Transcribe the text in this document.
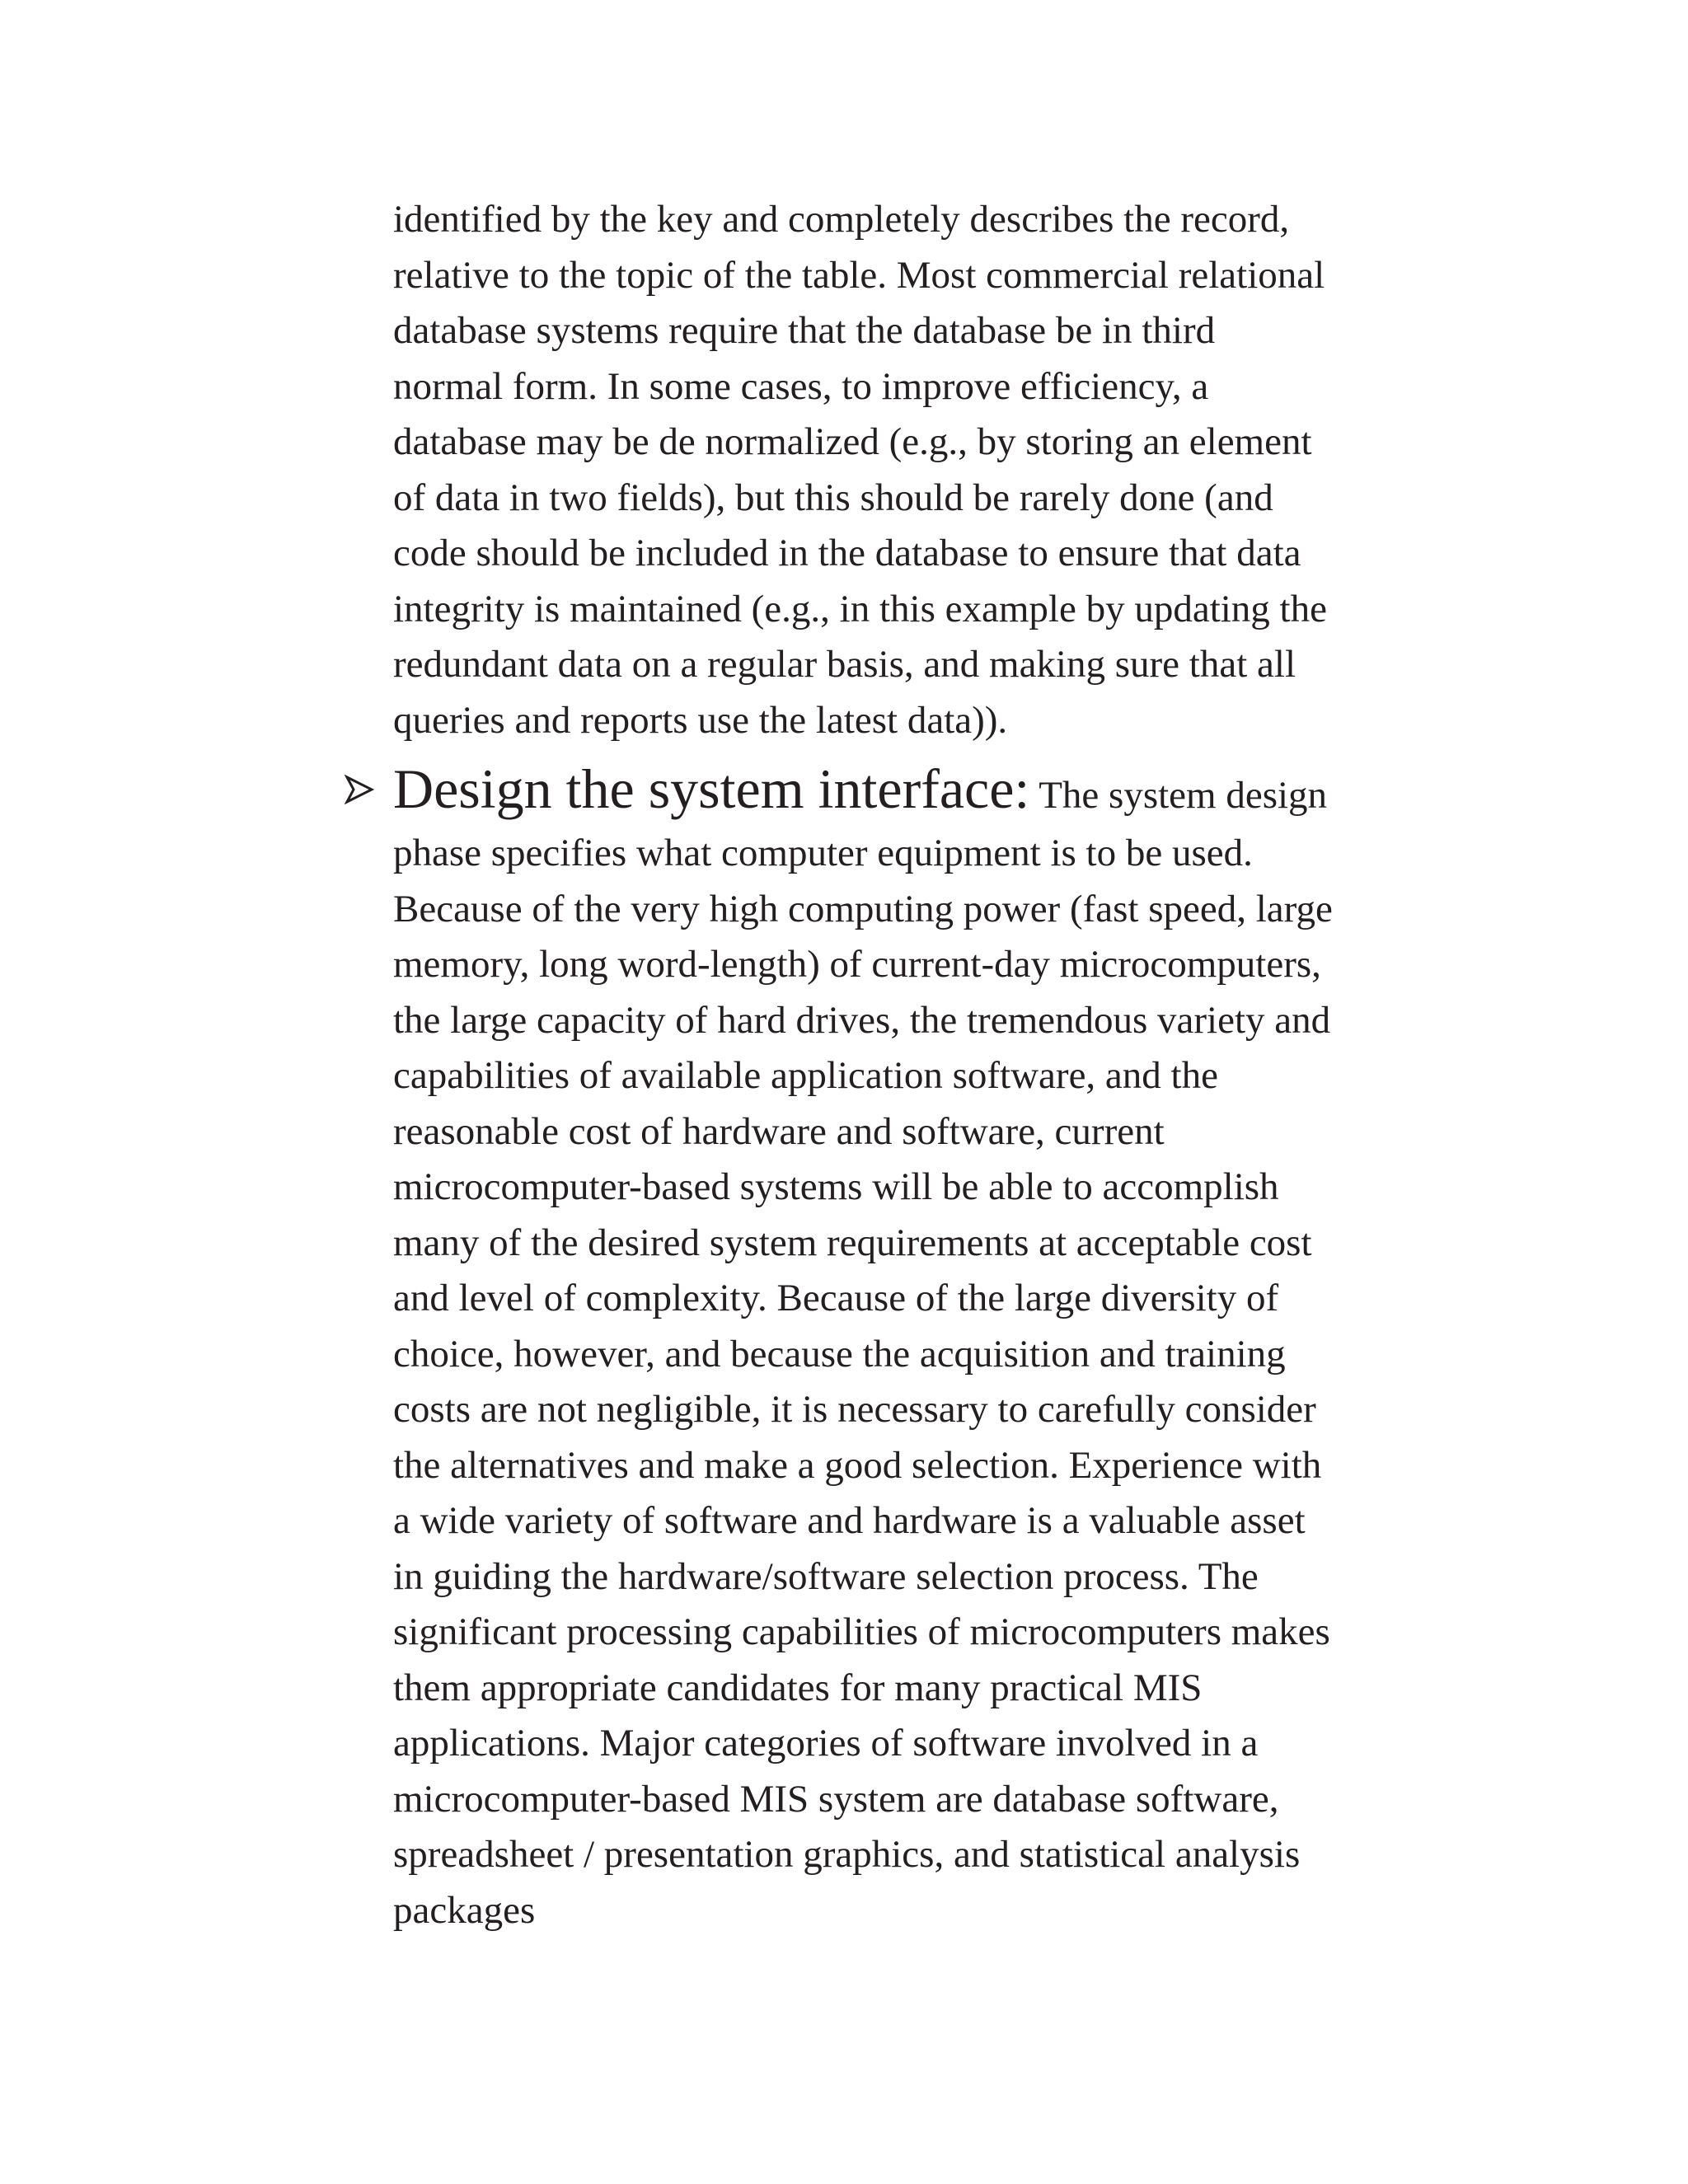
identified by the key and completely describes the record,
relative to the topic of the table. Most commercial relational
database systems require that the database be in third
normal form. In some cases, to improve efficiency, a
database may be de normalized (e.g., by storing an element
of data in two fields), but this should be rarely done (and
code should be included in the database to ensure that data
integrity is maintained (e.g., in this example by updating the
redundant data on a regular basis, and making sure that all
queries and reports use the latest data)).
Design the system interface: The system design
phase specifies what computer equipment is to be used.
Because of the very high computing power (fast speed, large
memory, long word-length) of current-day microcomputers,
the large capacity of hard drives, the tremendous variety and
capabilities of available application software, and the
reasonable cost of hardware and software, current
microcomputer-based systems will be able to accomplish
many of the desired system requirements at acceptable cost
and level of complexity. Because of the large diversity of
choice, however, and because the acquisition and training
costs are not negligible, it is necessary to carefully consider
the alternatives and make a good selection. Experience with
a wide variety of software and hardware is a valuable asset
in guiding the hardware/software selection process. The
significant processing capabilities of microcomputers makes
them appropriate candidates for many practical MIS
applications. Major categories of software involved in a
microcomputer-based MIS system are database software,
spreadsheet / presentation graphics, and statistical analysis
packages
